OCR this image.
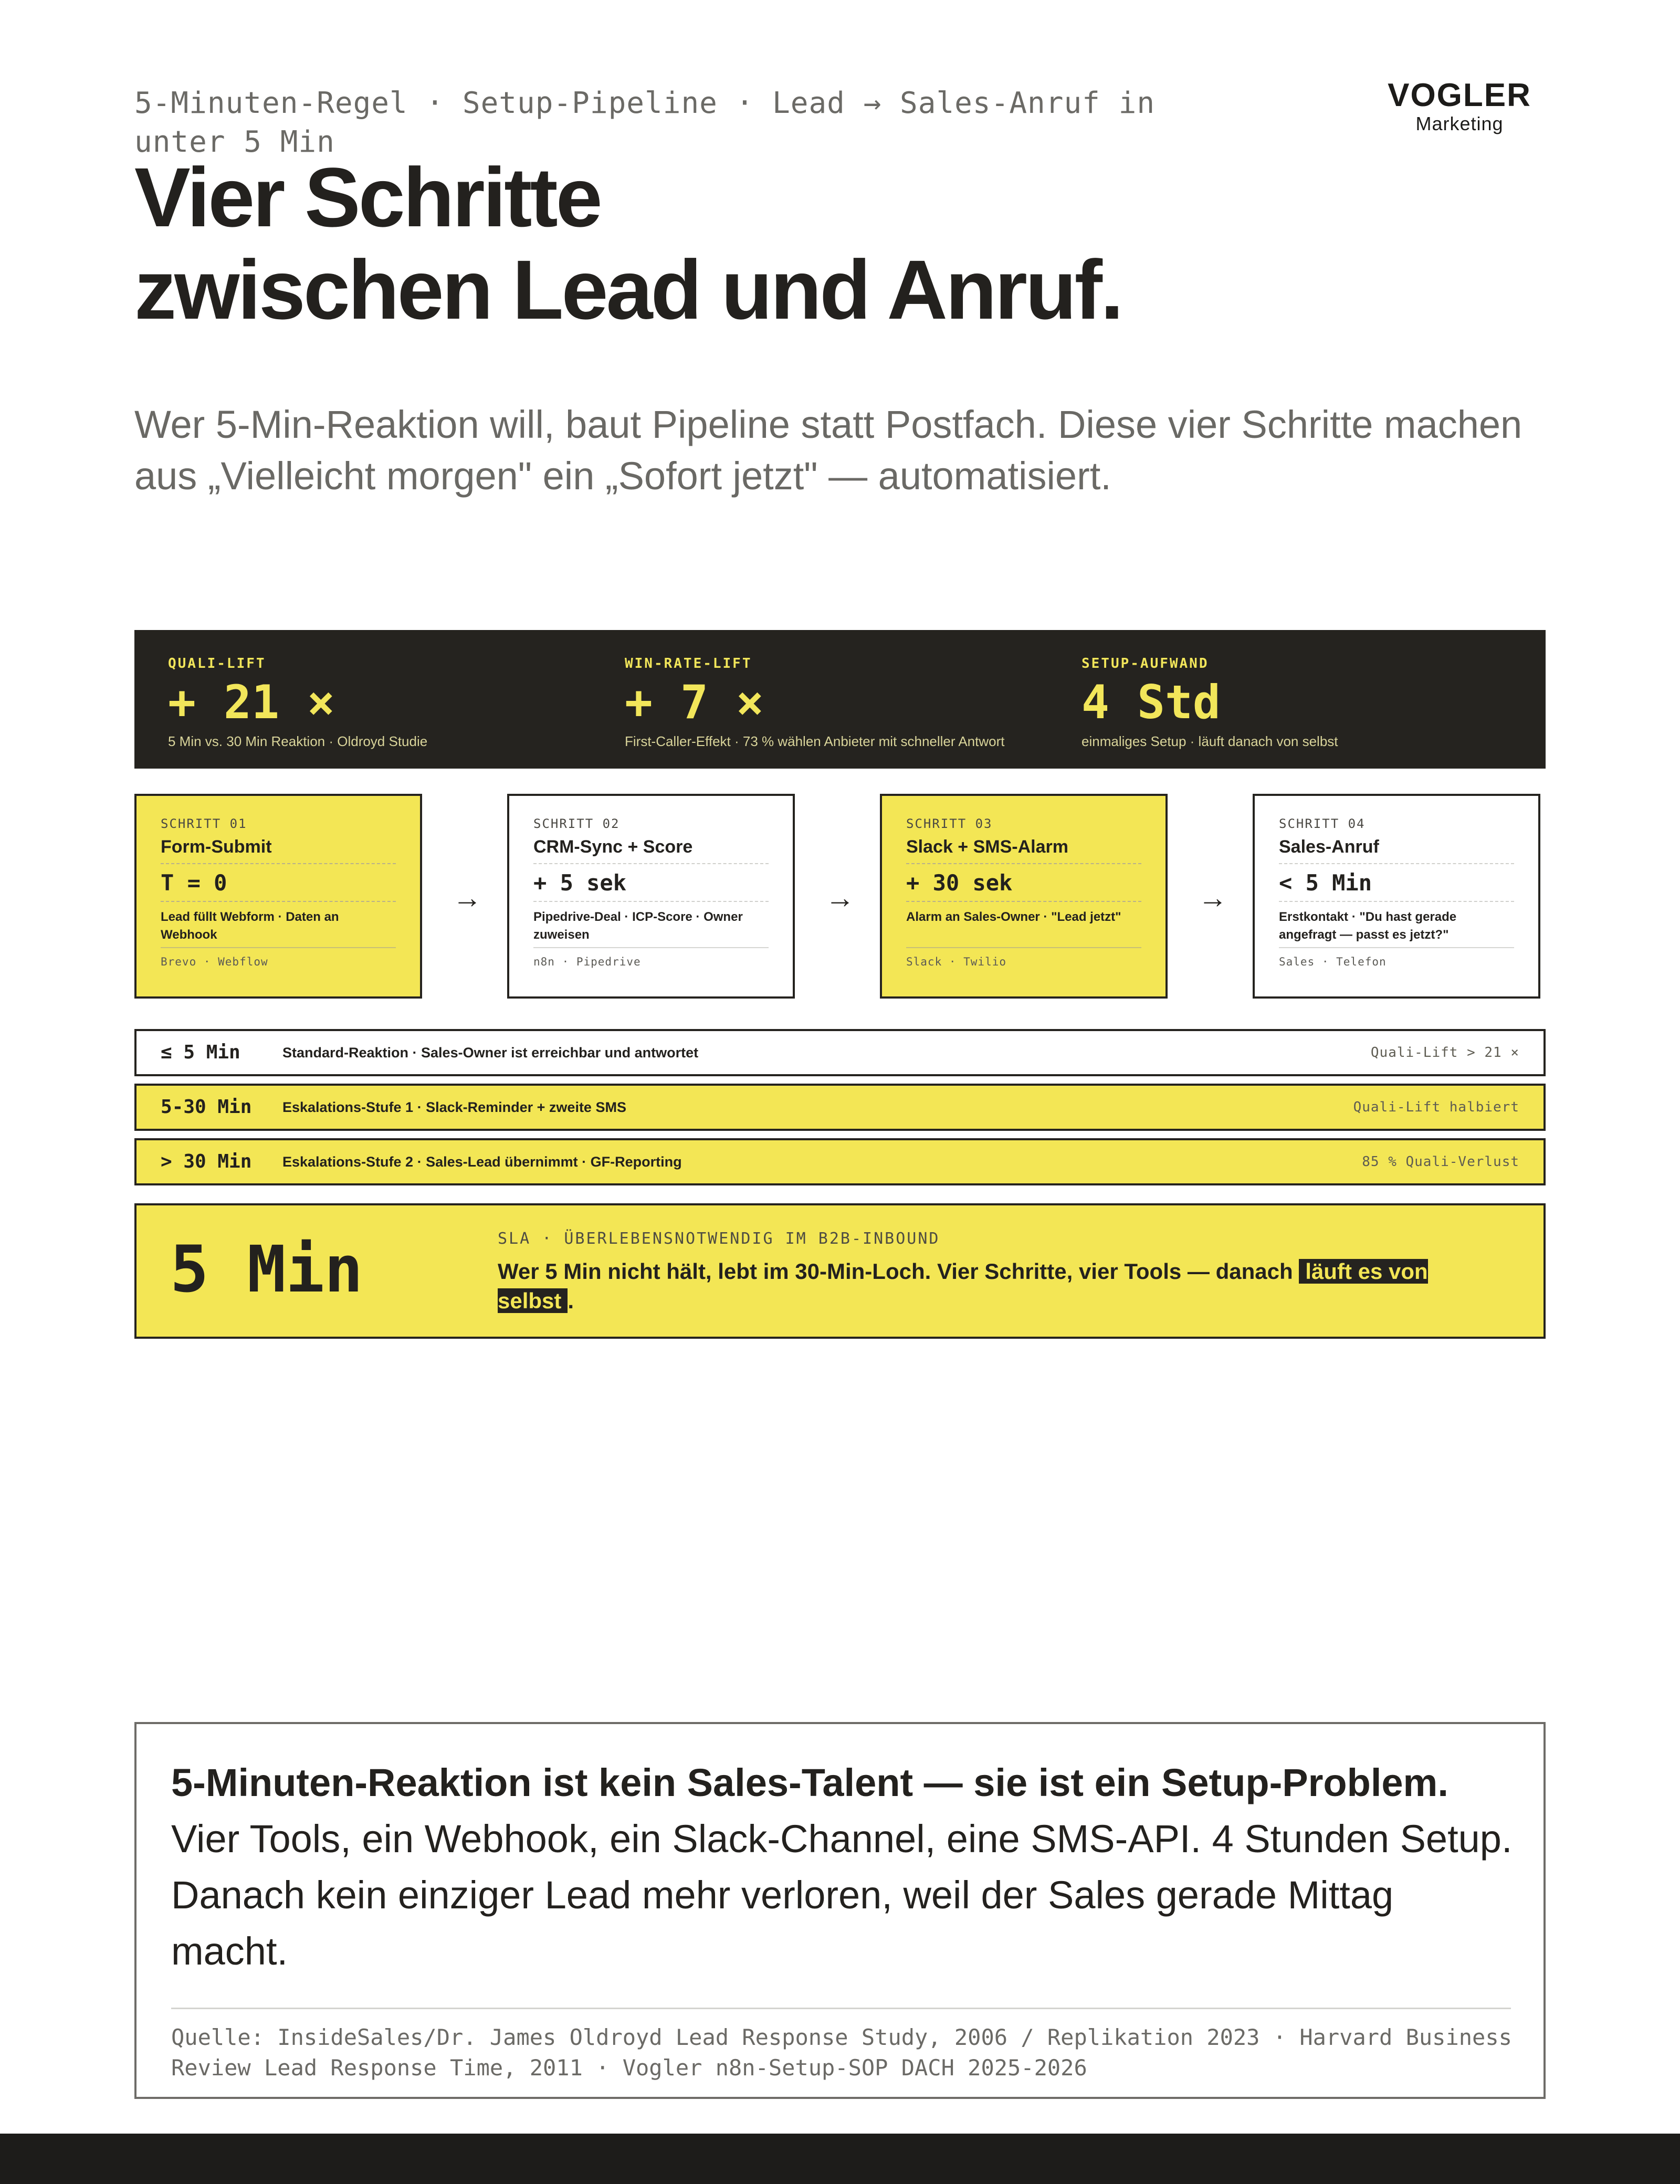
5-Minuten-Regel · Setup-Pipeline · Lead → Sales-Anruf in unter 5 Min
VOGLER
Marketing
Vier Schritte
zwischen Lead und Anruf.
Wer 5-Min-Reaktion will, baut Pipeline statt Postfach. Diese vier Schritte machen aus „Vielleicht morgen" ein „Sofort jetzt" — automatisiert.
QUALI-LIFT
+ 21 ×
5 Min vs. 30 Min Reaktion · Oldroyd Studie
WIN-RATE-LIFT
+ 7 ×
First-Caller-Effekt · 73 % wählen Anbieter mit schneller Antwort
SETUP-AUFWAND
4 Std
einmaliges Setup · läuft danach von selbst
SCHRITT 01
Form-Submit
T = 0
Lead füllt Webform · Daten an Webhook
Brevo · Webflow
→
SCHRITT 02
CRM-Sync + Score
+ 5 sek
Pipedrive-Deal · ICP-Score · Owner zuweisen
n8n · Pipedrive
→
SCHRITT 03
Slack + SMS-Alarm
+ 30 sek
Alarm an Sales-Owner · "Lead jetzt"
Slack · Twilio
→
SCHRITT 04
Sales-Anruf
< 5 Min
Erstkontakt · "Du hast gerade angefragt — passt es jetzt?"
Sales · Telefon
≤ 5 Min	Standard-Reaktion · Sales-Owner ist erreichbar und antwortet	Quali-Lift > 21 ×
5-30 Min Eskalations-Stufe 1 · Slack-Reminder + zweite SMS	Quali-Lift halbiert
> 30 Min Eskalations-Stufe 2 · Sales-Lead übernimmt · GF-Reporting	85 % Quali-Verlust
5 Min	SLA · ÜBERLEBENSNOTWENDIG IM B2B-INBOUND
Wer 5 Min nicht hält, lebt im 30-Min-Loch. Vier Schritte, vier Tools — danach läuft es von selbst .
5-Minuten-Reaktion ist kein Sales-Talent — sie ist ein Setup-Problem. Vier Tools, ein Webhook, ein Slack-Channel, eine SMS-API. 4 Stunden Setup. Danach kein einziger Lead mehr verloren, weil der Sales gerade Mittag macht.
Quelle: InsideSales/Dr. James Oldroyd Lead Response Study, 2006 / Replikation 2023 · Harvard Business Review Lead Response Time, 2011 · Vogler n8n-Setup-SOP DACH 2025-2026
